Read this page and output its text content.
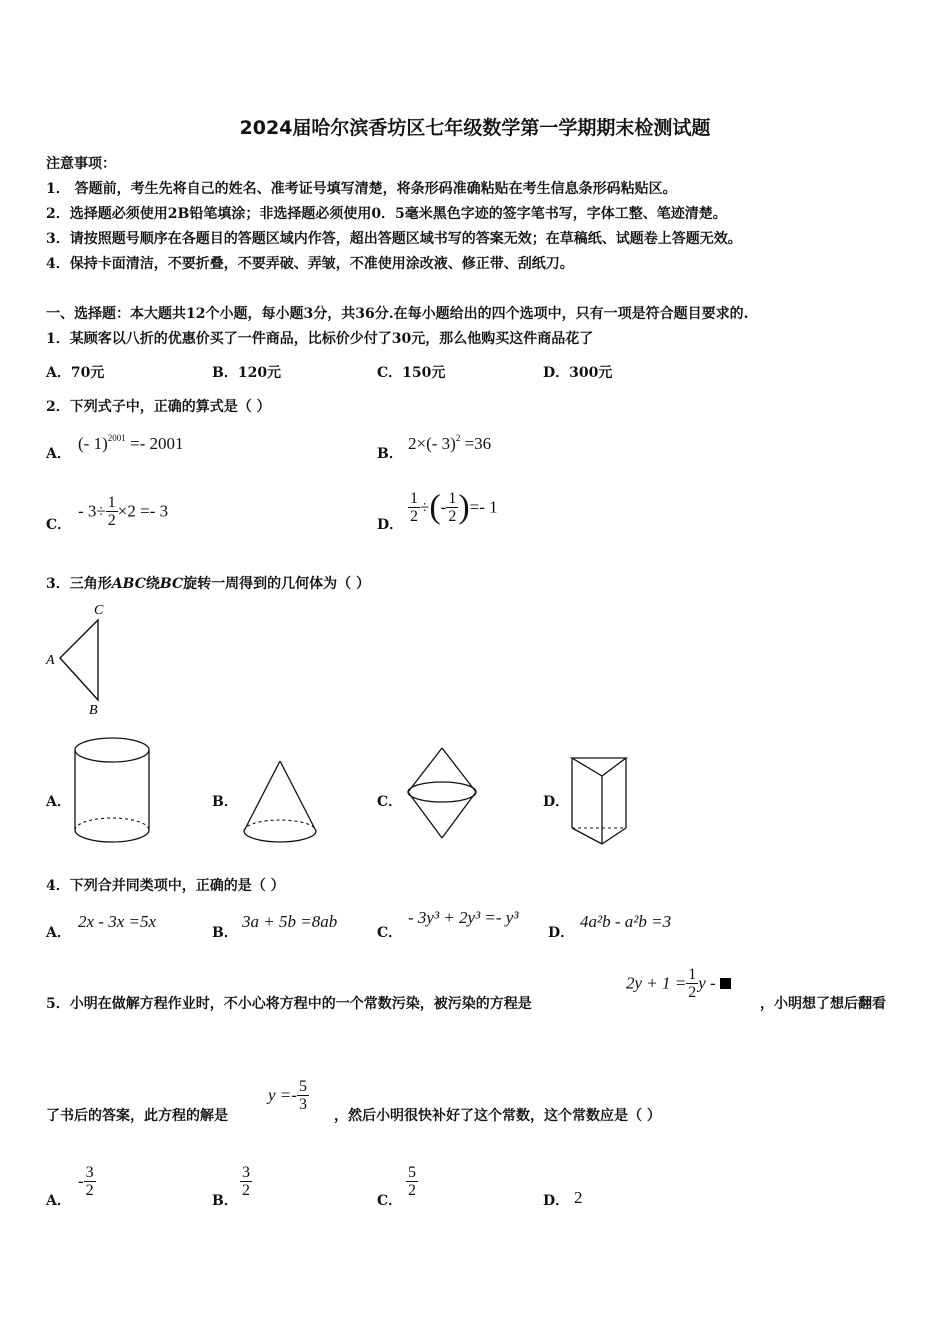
2024届哈尔滨香坊区七年级数学第一学期期末检测试题
注意事项：
1． 答题前，考生先将自己的姓名、准考证号填写清楚，将条形码准确粘贴在考生信息条形码粘贴区。
2．选择题必须使用2B铅笔填涂；非选择题必须使用0．5毫米黑色字迹的签字笔书写，字体工整、笔迹清楚。
3．请按照题号顺序在各题目的答题区域内作答，超出答题区域书写的答案无效；在草稿纸、试题卷上答题无效。
4．保持卡面清洁，不要折叠，不要弄破、弄皱，不准使用涂改液、修正带、刮纸刀。
一、选择题：本大题共12个小题，每小题3分，共36分.在每小题给出的四个选项中，只有一项是符合题目要求的.
1．某顾客以八折的优惠价买了一件商品，比标价少付了30元，那么他购买这件商品花了
A．70元	B．120元	C．150元	D．300元
2．下列式子中，正确的算式是（ ）
A．
(- 1)$^{2001}$ =- 2001
B．
2×(- 3)$^2$ =36
C．
- $3\div \frac{1}{2} \times 2 =- 3$
D． $\frac{1}{2}$ ÷(- $\frac{1}{2}$ )=- 1
3．三角形ABC绕BC旋转一周得到的几何体为（ ）
A
C
B
A．	B．	C．	D．
4．下列合并同类项中，正确的是（ ）
A．
2x - 3x =5x
B．
3a + 5b =8ab
C．
- 3y³ + 2y³ =- y³
D．
4a²b - a²b =3
5．小明在做解方程作业时，不小心将方程中的一个常数污染，被污染的方程是
$2y + 1 = \frac{1}{2}$ y -
，小明想了想后翻看
了书后的答案，此方程的解是
$y =- \frac{5}{3}$
，然后小明很快补好了这个常数，这个常数应是（ ）
A．
- $\frac{3}{2}$
B．
$\frac{3}{2}$
C．
$\frac{5}{2}$
D． 2
